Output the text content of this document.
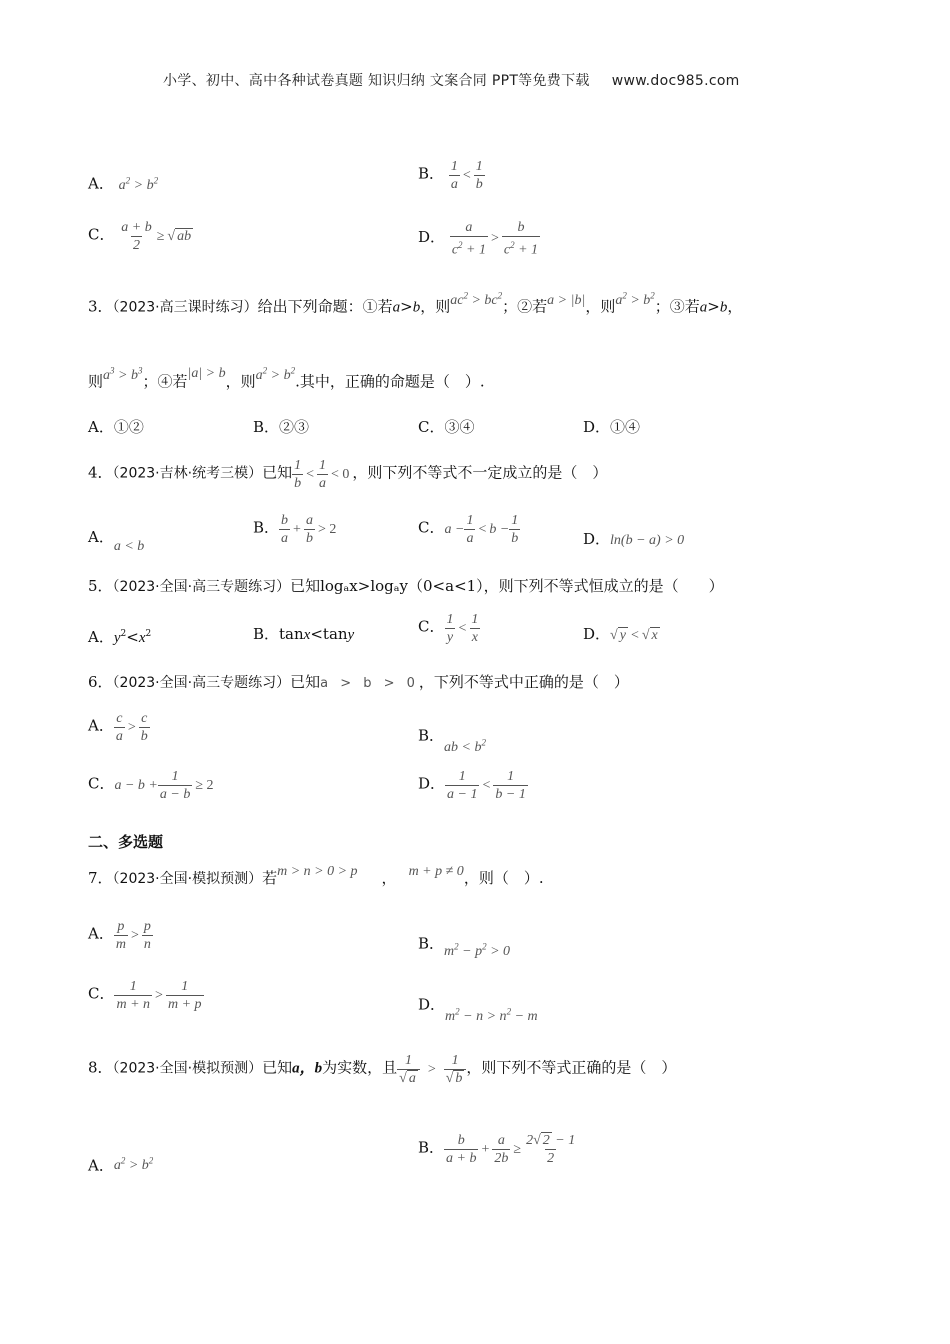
小学、初中、高中各种试卷真题 知识归纳 文案合同 PPT等免费下载 www.doc985.com
A． $a^2 > b^2$	B． $\frac{1}{a} < \frac{1}{b}$
C． $\frac{a + b}{2}$ ≥ √ ab	D． $\frac{a}{c^2 + 1} > \frac{b}{c^2 + 1}$
3．（2023·高三课时练习）给出下列命题：①若a>b，则$ac^2 > bc^2$；②若a > |b|，则$a^2 > b^2$；③若a>b，
则$a^3 > b^3$；④若|a| > b，则$a^2 > b^2$.其中，正确的命题是（　）.
A．①②	B．②③	C．③④	D．①④
4．（2023·吉林·统考三模）已知 $\frac{1}{b} < \frac{1}{a} < 0$ ，则下列不等式不一定成立的是（　）
A．a < b
B． $\frac{b}{a} + \frac{a}{b} > 2$	C．$a - \frac{1}{a} < b - \frac{1}{b}$	D．ln(b − a) > 0
5．（2023·全国·高三专题练习）已知logₐx>logₐy（0<a<1），则下列不等式恒成立的是（　　）
A．$y^2<x^2$	B．tanx<tany	C． $\frac{1}{y} < \frac{1}{x}$	D．√ y < √ x
6．（2023·全国·高三专题练习）已知a > b > 0，下列不等式中正确的是（　）
A． $\frac{c}{a} > \frac{c}{b}$	B．ab < $b^2$
C．$a - b + \frac{1}{a - b} \ge 2$	D． $\frac{1}{a - 1} < \frac{1}{b - 1}$
二、多选题
7．（2023·全国·模拟预测）若m > n > 0 > p ， m + p ≠ 0，则（　）.
A． $\frac{p}{m} > \frac{p}{n}$	B．$m^2 - p^2 > 0$
C． $\frac{1}{m + n} > \frac{1}{m + p}$	D．$m^2 - n > n^2 - m$
8．（2023·全国·模拟预测）已知a，b为实数，且 $\frac{1}{√ a} > \frac{1}{√ b}$ ，则下列不等式正确的是（　）
A．$a^2 > b^2$
B． $\frac{b}{a + b} + \frac{a}{2b} \ge \frac{2√ 2 - 1}{2}$
